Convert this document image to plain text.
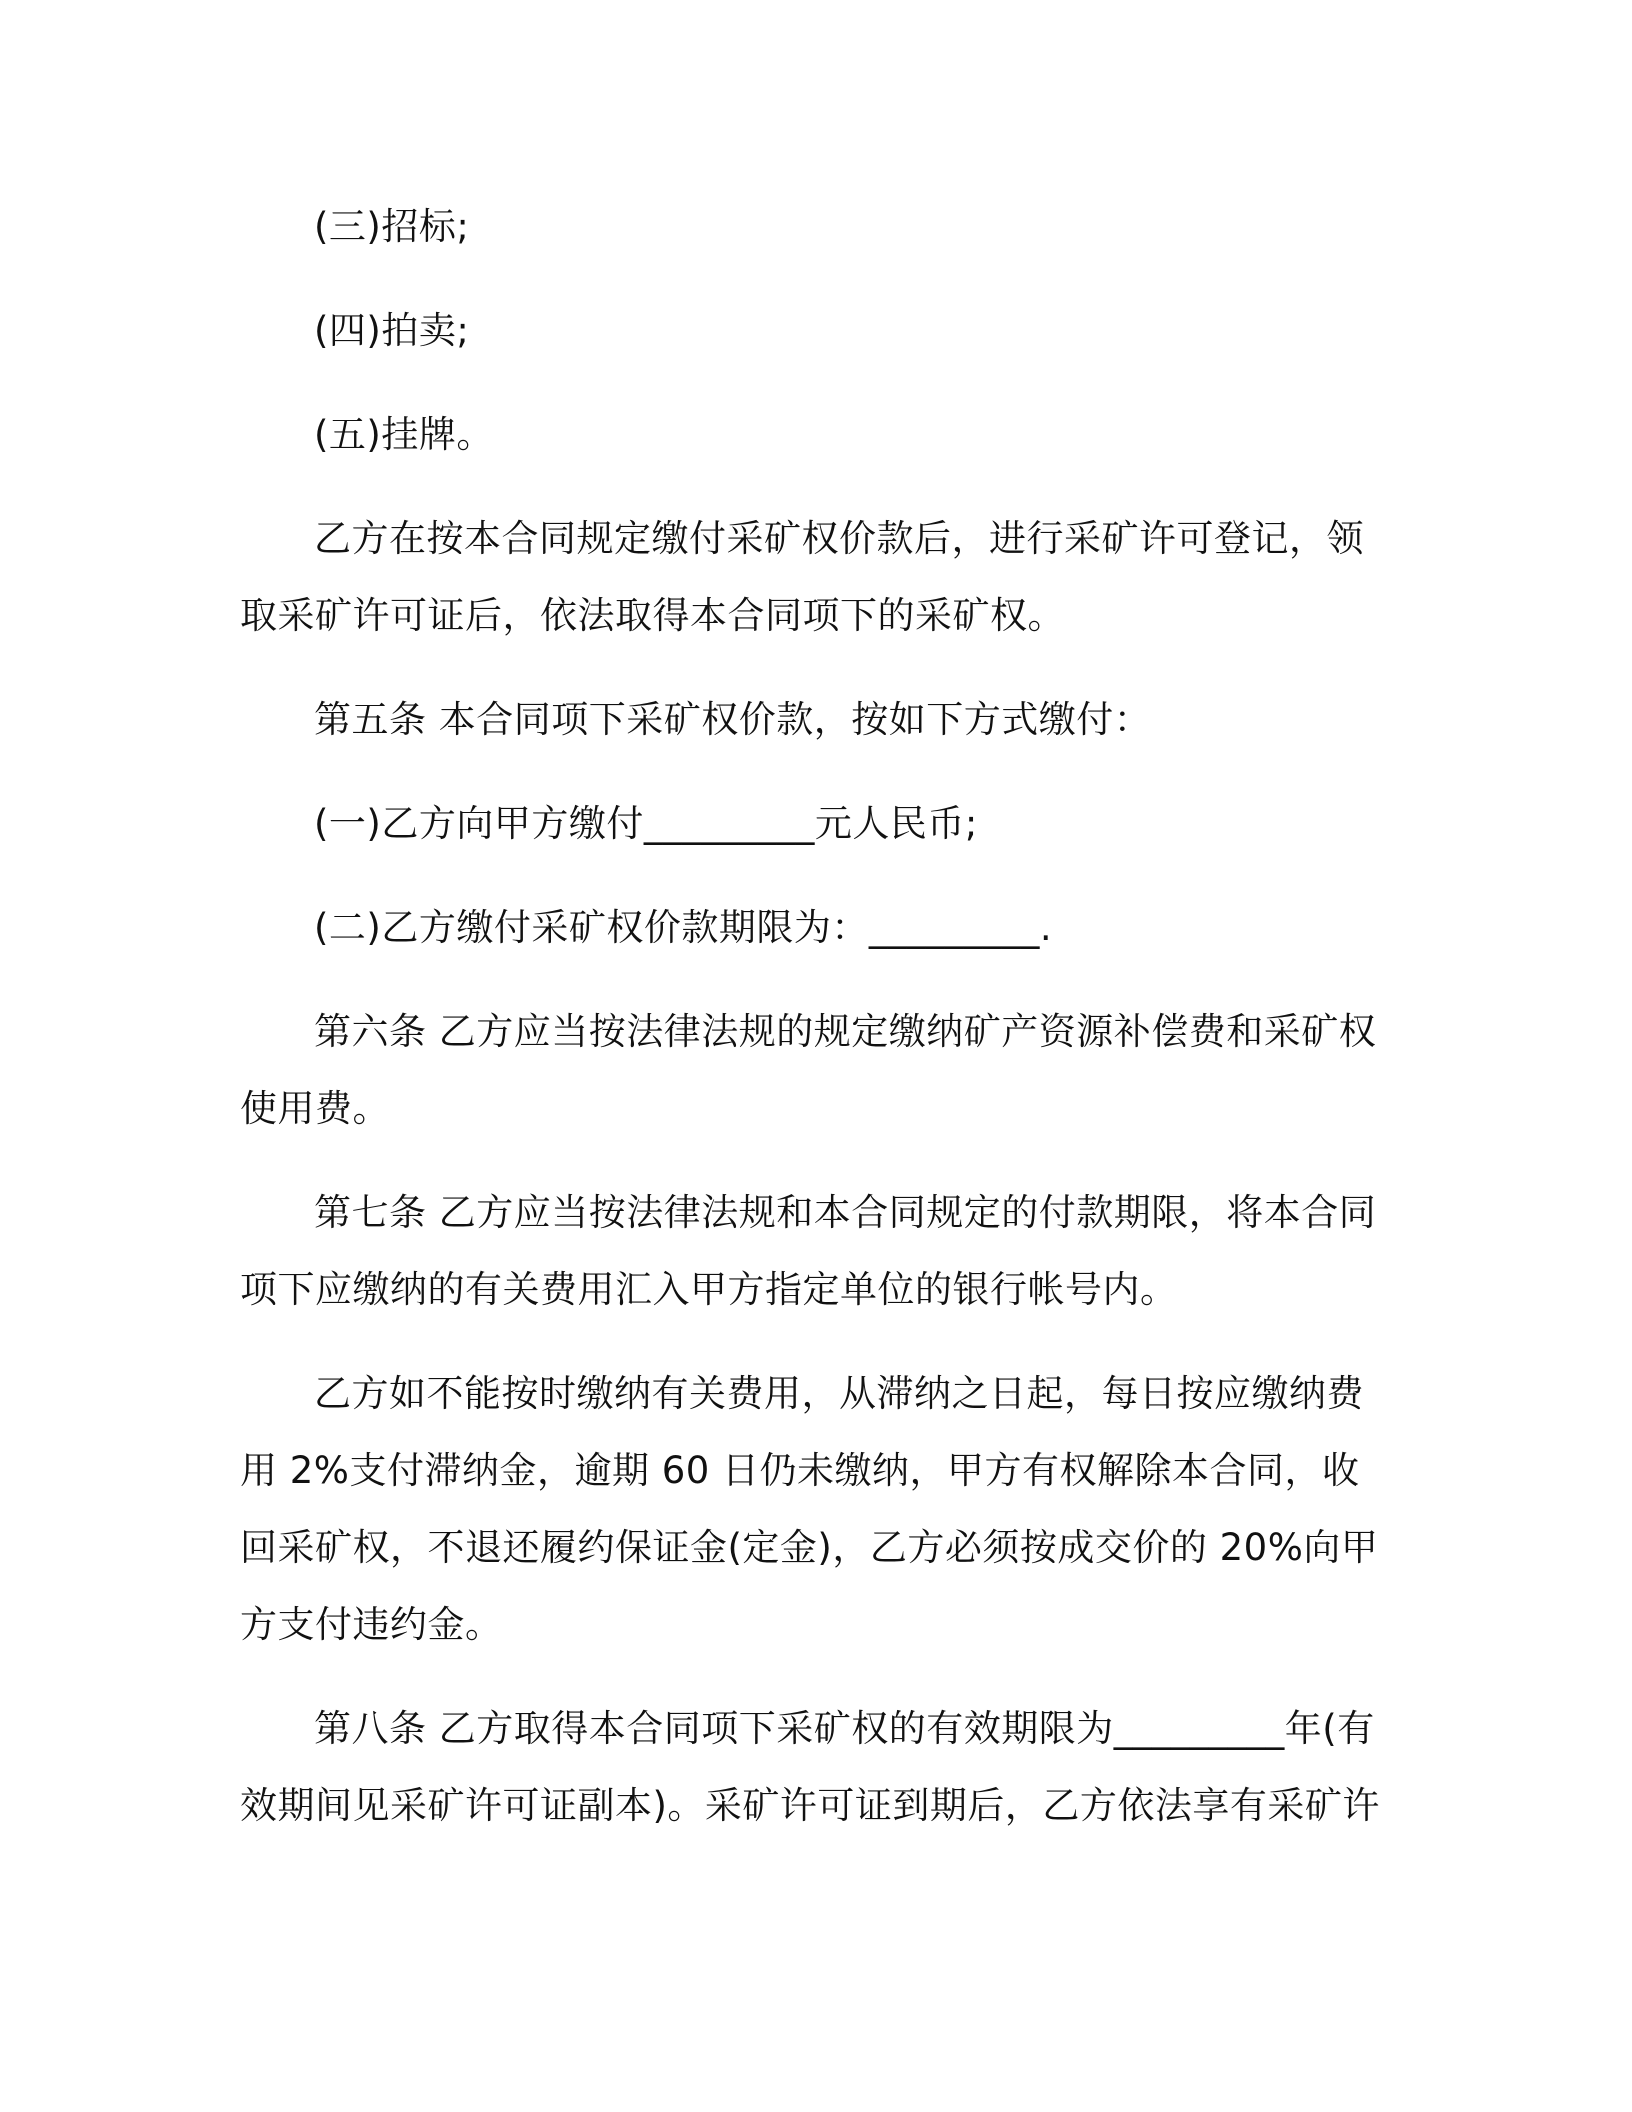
(三)招标;

(四)拍卖;

(五)挂牌。

乙方在按本合同规定缴付采矿权价款后，进行采矿许可登记，领取采矿许可证后，依法取得本合同项下的采矿权。

第五条 本合同项下采矿权价款，按如下方式缴付：

(一)乙方向甲方缴付_________元人民币;

(二)乙方缴付采矿权价款期限为：_________.

第六条 乙方应当按法律法规的规定缴纳矿产资源补偿费和采矿权使用费。

第七条 乙方应当按法律法规和本合同规定的付款期限，将本合同项下应缴纳的有关费用汇入甲方指定单位的银行帐号内。

乙方如不能按时缴纳有关费用，从滞纳之日起，每日按应缴纳费用 2%支付滞纳金，逾期 60 日仍未缴纳，甲方有权解除本合同，收回采矿权，不退还履约保证金(定金)，乙方必须按成交价的 20%向甲方支付违约金。

第八条 乙方取得本合同项下采矿权的有效期限为_________年(有效期间见采矿许可证副本)。采矿许可证到期后，乙方依法享有采矿许
